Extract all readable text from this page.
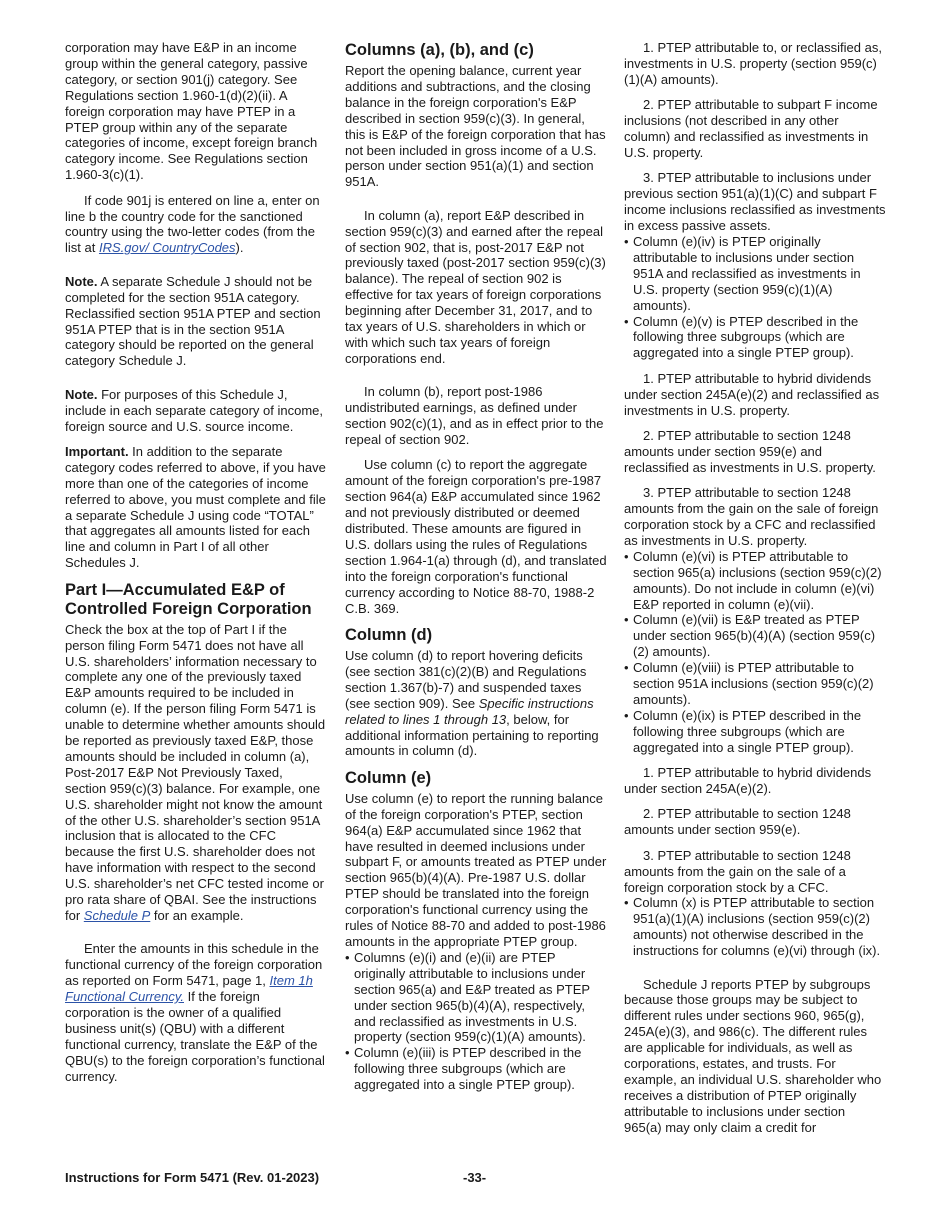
corporation may have E&P in an income group within the general category, passive category, or section 901(j) category. See Regulations section 1.960-1(d)(2)(ii). A foreign corporation may have PTEP in a PTEP group within any of the separate categories of income, except foreign branch category income. See Regulations section 1.960-3(c)(1).

If code 901j is entered on line a, enter on line b the country code for the sanctioned country using the two-letter codes (from the list at IRS.gov/ CountryCodes).

Note. A separate Schedule J should not be completed for the section 951A category. Reclassified section 951A PTEP and section 951A PTEP that is in the section 951A category should be reported on the general category Schedule J.

Note. For purposes of this Schedule J, include in each separate category of income, foreign source and U.S. source income.

Important. In addition to the separate category codes referred to above, if you have more than one of the categories of income referred to above, you must complete and file a separate Schedule J using code “TOTAL” that aggregates all amounts listed for each line and column in Part I of all other Schedules J.

Part I—Accumulated E&P of Controlled Foreign Corporation

Check the box at the top of Part I if the person filing Form 5471 does not have all U.S. shareholders’ information necessary to complete any one of the previously taxed E&P amounts required to be included in column (e). If the person filing Form 5471 is unable to determine whether amounts should be reported as previously taxed E&P, those amounts should be included in column (a), Post-2017 E&P Not Previously Taxed, section 959(c)(3) balance. For example, one U.S. shareholder might not know the amount of the other U.S. shareholder’s section 951A inclusion that is allocated to the CFC because the first U.S. shareholder does not have information with respect to the second U.S. shareholder’s net CFC tested income or pro rata share of QBAI. See the instructions for Schedule P for an example.

Enter the amounts in this schedule in the functional currency of the foreign corporation as reported on Form 5471, page 1, Item 1h Functional Currency. If the foreign corporation is the owner of a qualified business unit(s) (QBU) with a different functional currency, translate the E&P of the QBU(s) to the foreign corporation’s functional currency.

Columns (a), (b), and (c)

Report the opening balance, current year additions and subtractions, and the closing balance in the foreign corporation's E&P described in section 959(c)(3). In general, this is E&P of the foreign corporation that has not been included in gross income of a U.S. person under section 951(a)(1) and section 951A.

In column (a), report E&P described in section 959(c)(3) and earned after the repeal of section 902, that is, post-2017 E&P not previously taxed (post-2017 section 959(c)(3) balance). The repeal of section 902 is effective for tax years of foreign corporations beginning after December 31, 2017, and to tax years of U.S. shareholders in which or with which such tax years of foreign corporations end.

In column (b), report post-1986 undistributed earnings, as defined under section 902(c)(1), and as in effect prior to the repeal of section 902.

Use column (c) to report the aggregate amount of the foreign corporation's pre-1987 section 964(a) E&P accumulated since 1962 and not previously distributed or deemed distributed. These amounts are figured in U.S. dollars using the rules of Regulations section 1.964-1(a) through (d), and translated into the foreign corporation's functional currency according to Notice 88-70, 1988-2 C.B. 369.

Column (d)

Use column (d) to report hovering deficits (see section 381(c)(2)(B) and Regulations section 1.367(b)-7) and suspended taxes (see section 909). See Specific instructions related to lines 1 through 13, below, for additional information pertaining to reporting amounts in column (d).

Column (e)

Use column (e) to report the running balance of the foreign corporation's PTEP, section 964(a) E&P accumulated since 1962 that have resulted in deemed inclusions under subpart F, or amounts treated as PTEP under section 965(b)(4)(A). Pre-1987 U.S. dollar PTEP should be translated into the foreign corporation's functional currency using the rules of Notice 88-70 and added to post-1986 amounts in the appropriate PTEP group.

• Columns (e)(i) and (e)(ii) are PTEP originally attributable to inclusions under section 965(a) and E&P treated as PTEP under section 965(b)(4)(A), respectively, and reclassified as investments in U.S. property (section 959(c)(1)(A) amounts).

• Column (e)(iii) is PTEP described in the following three subgroups (which are aggregated into a single PTEP group).

1. PTEP attributable to, or reclassified as, investments in U.S. property (section 959(c)(1)(A) amounts).

2. PTEP attributable to subpart F income inclusions (not described in any other column) and reclassified as investments in U.S. property.

3. PTEP attributable to inclusions under previous section 951(a)(1)(C) and subpart F income inclusions reclassified as investments in excess passive assets.

• Column (e)(iv) is PTEP originally attributable to inclusions under section 951A and reclassified as investments in U.S. property (section 959(c)(1)(A) amounts).

• Column (e)(v) is PTEP described in the following three subgroups (which are aggregated into a single PTEP group).

1. PTEP attributable to hybrid dividends under section 245A(e)(2) and reclassified as investments in U.S. property.

2. PTEP attributable to section 1248 amounts under section 959(e) and reclassified as investments in U.S. property.

3. PTEP attributable to section 1248 amounts from the gain on the sale of foreign corporation stock by a CFC and reclassified as investments in U.S. property.

• Column (e)(vi) is PTEP attributable to section 965(a) inclusions (section 959(c)(2) amounts). Do not include in column (e)(vi) E&P reported in column (e)(vii).

• Column (e)(vii) is E&P treated as PTEP under section 965(b)(4)(A) (section 959(c)(2) amounts).

• Column (e)(viii) is PTEP attributable to section 951A inclusions (section 959(c)(2) amounts).

• Column (e)(ix) is PTEP described in the following three subgroups (which are aggregated into a single PTEP group).

1. PTEP attributable to hybrid dividends under section 245A(e)(2).

2. PTEP attributable to section 1248 amounts under section 959(e).

3. PTEP attributable to section 1248 amounts from the gain on the sale of a foreign corporation stock by a CFC.

• Column (x) is PTEP attributable to section 951(a)(1)(A) inclusions (section 959(c)(2) amounts) not otherwise described in the instructions for columns (e)(vi) through (ix).

Schedule J reports PTEP by subgroups because those groups may be subject to different rules under sections 960, 965(g), 245A(e)(3), and 986(c). The different rules are applicable for individuals, as well as corporations, estates, and trusts. For example, an individual U.S. shareholder who receives a distribution of PTEP originally attributable to inclusions under section 965(a) may only claim a credit for

Instructions for Form 5471 (Rev. 01-2023)	-33-
